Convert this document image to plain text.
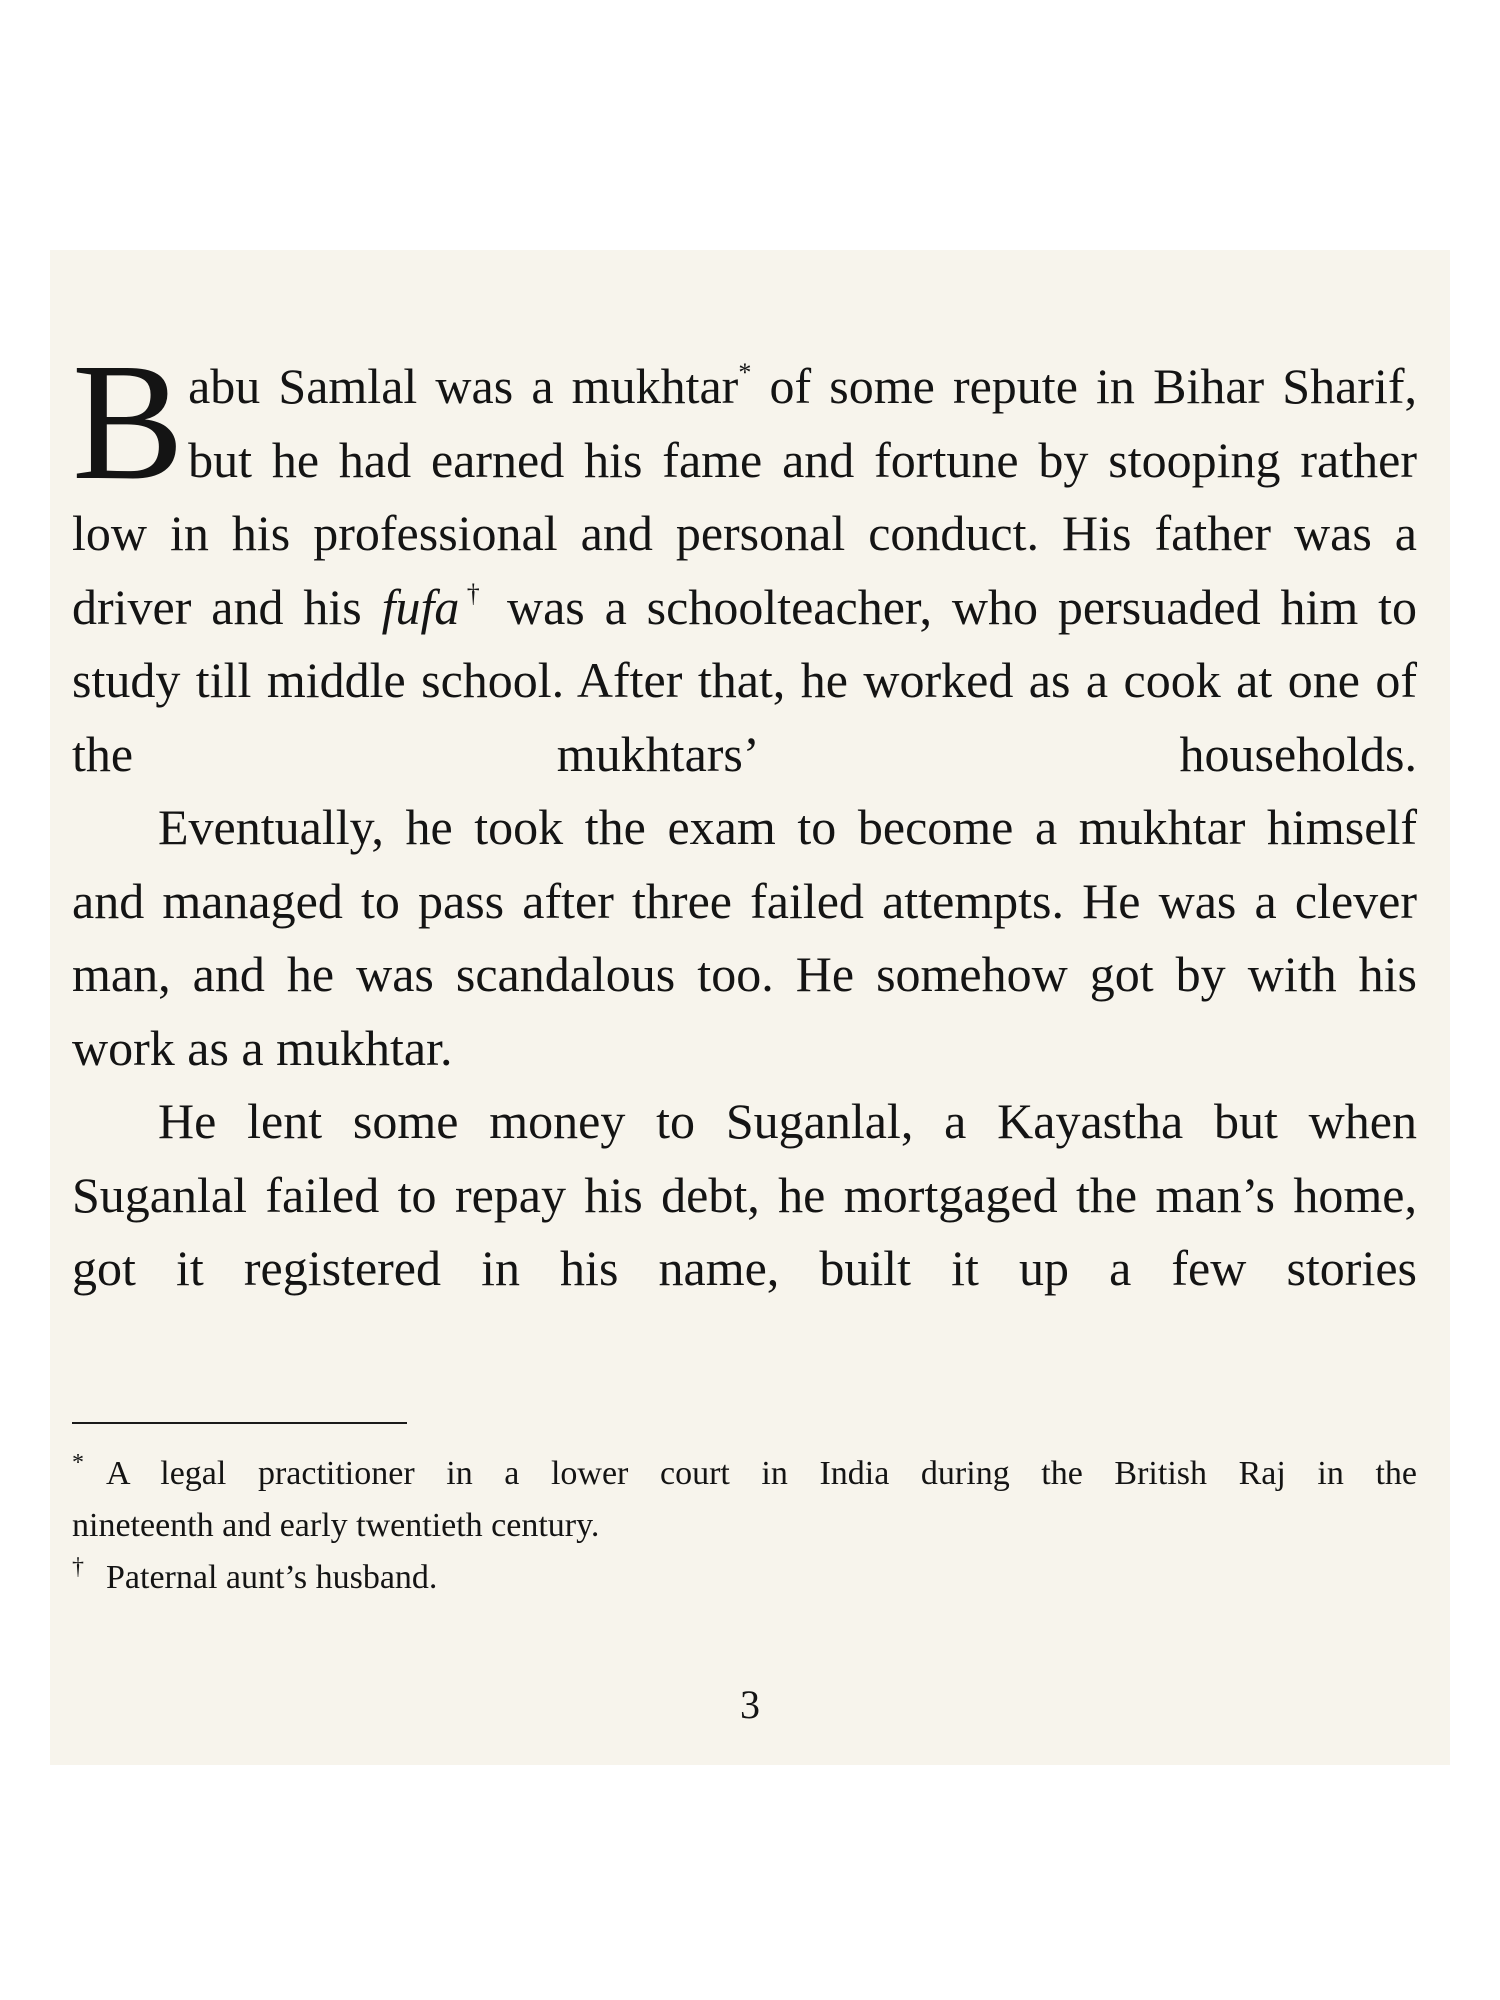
Babu Samlal was a mukhtar* of some repute in Bihar Sharif, but he had earned his fame and fortune by stooping rather low in his professional and personal conduct. His father was a driver and his fufa† was a schoolteacher, who persuaded him to study till middle school. After that, he worked as a cook at one of the mukhtars’ households.

Eventually, he took the exam to become a mukhtar himself and managed to pass after three failed attempts. He was a clever man, and he was scandalous too. He somehow got by with his work as a mukhtar.

He lent some money to Suganlal, a Kayastha but when Suganlal failed to repay his debt, he mortgaged the man’s home, got it registered in his name, built it up a few stories

* A legal practitioner in a lower court in India during the British Raj in the

nineteenth and early twentieth century.

† Paternal aunt’s husband.

3
